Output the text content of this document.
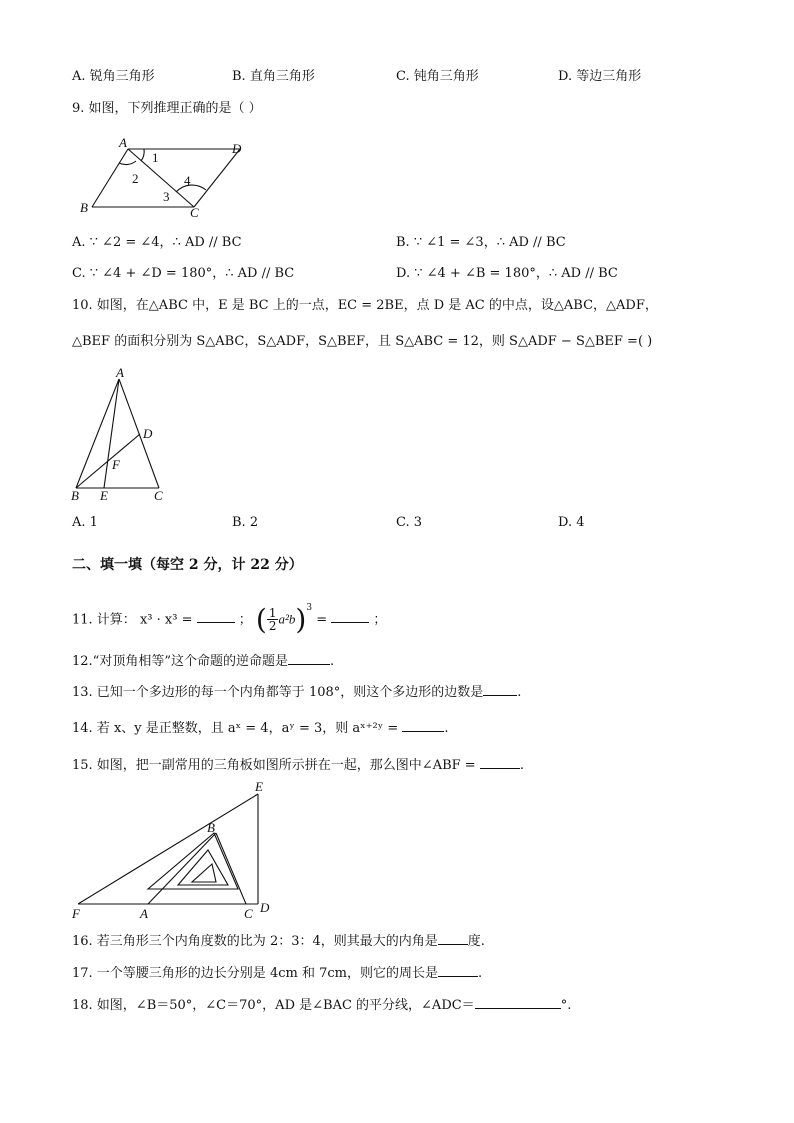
A. 锐角三角形	B. 直角三角形	C. 钝角三角形	D. 等边三角形
9. 如图，下列推理正确的是（ ）
A	D
B	C
1
2
3
4
A. ∵ ∠2 = ∠4，∴ AD // BC	B. ∵ ∠1 = ∠3，∴ AD // BC
C. ∵ ∠4 + ∠D = 180°，∴ AD // BC	D. ∵ ∠4 + ∠B = 180°，∴ AD // BC
10. 如图，在△ABC 中，E 是 BC 上的一点，EC = 2BE，点 D 是 AC 的中点，设△ABC，△ADF，
△BEF 的面积分别为 S△ABC，S△ADF，S△BEF，且 S△ABC = 12，则 S△ADF − S△BEF =( )
A
D
F
B E	C
A. 1	B. 2	C. 3	D. 4
二、填一填（每空 2 分，计 22 分）
11. 计算： x³ · x³ =	； ( $\frac{1}{2} a^2b)^3$ =	；
12.“对顶角相等”这个命题的逆命题是	.
13. 已知一个多边形的每一个内角都等于 108°，则这个多边形的边数是	.
14. 若 x、y 是正整数，且 aˣ = 4，aʸ = 3，则 aˣ⁺²ʸ =	.
15. 如图，把一副常用的三角板如图所示拼在一起，那么图中∠ABF =	.
E
B
F	A	C D
16. 若三角形三个内角度数的比为 2：3：4，则其最大的内角是 度.
17. 一个等腰三角形的边长分别是 4cm 和 7cm，则它的周长是	.
18. 如图，∠B＝50°，∠C＝70°，AD 是∠BAC 的平分线，∠ADC＝	°.
